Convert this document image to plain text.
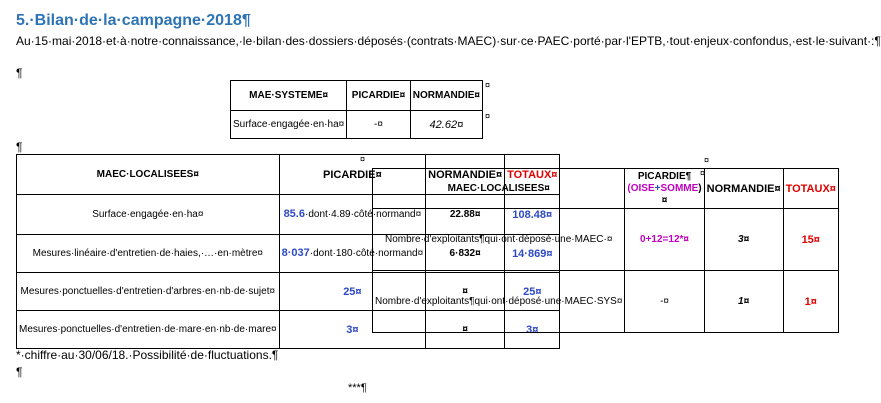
5.·Bilan·de·la·campagne·2018¶
Au·15·mai·2018·et·à·notre·connaissance,·le·bilan·des·dossiers·déposés·(contrats·MAEC)·sur·ce·PAEC·porté·par·l'EPTB,·tout·enjeux·confondus,·est·le·suivant·:¶
¶
MAE·SYSTEME¤	PICARDIE¤	NORMANDIE¤
Surface·engagée·en·ha¤	-¤	42.62¤
¤
¤
¶
MAEC·LOCALISEES¤	PICARDIE¤	NORMANDIE¤	TOTAUX¤
Surface·engagée·en·ha¤	85.6·dont·4.89·côté·normand¤	22.88¤	108.48¤
Mesures·linéaire·d'entretien·de·haies,·…·en·mètre¤	8·037·dont·180·côté·normand¤	6·832¤	14·869¤
Mesures·ponctuelles·d'entretien·d'arbres·en·nb·de·sujet¤	25¤	¤	25¤
Mesures·ponctuelles·d'entretien·de·mare·en·nb·de·mare¤	3¤	¤	3¤
¤
MAEC·LOCALISEES¤	PICARDIE¶
(OISE+SOMME)¤	NORMANDIE¤	TOTAUX¤
Nombre·d'exploitants¶qui·ont·déposé·une·MAEC·¤	0+12=12*¤	3¤	15¤
Nombre·d'exploitants¶qui·ont·déposé·une·MAEC·SYS¤	-¤	1¤	1¤
¤
¤
*·chiffre·au·30/06/18.·Possibilité·de·fluctuations.¶
¶
***¶
